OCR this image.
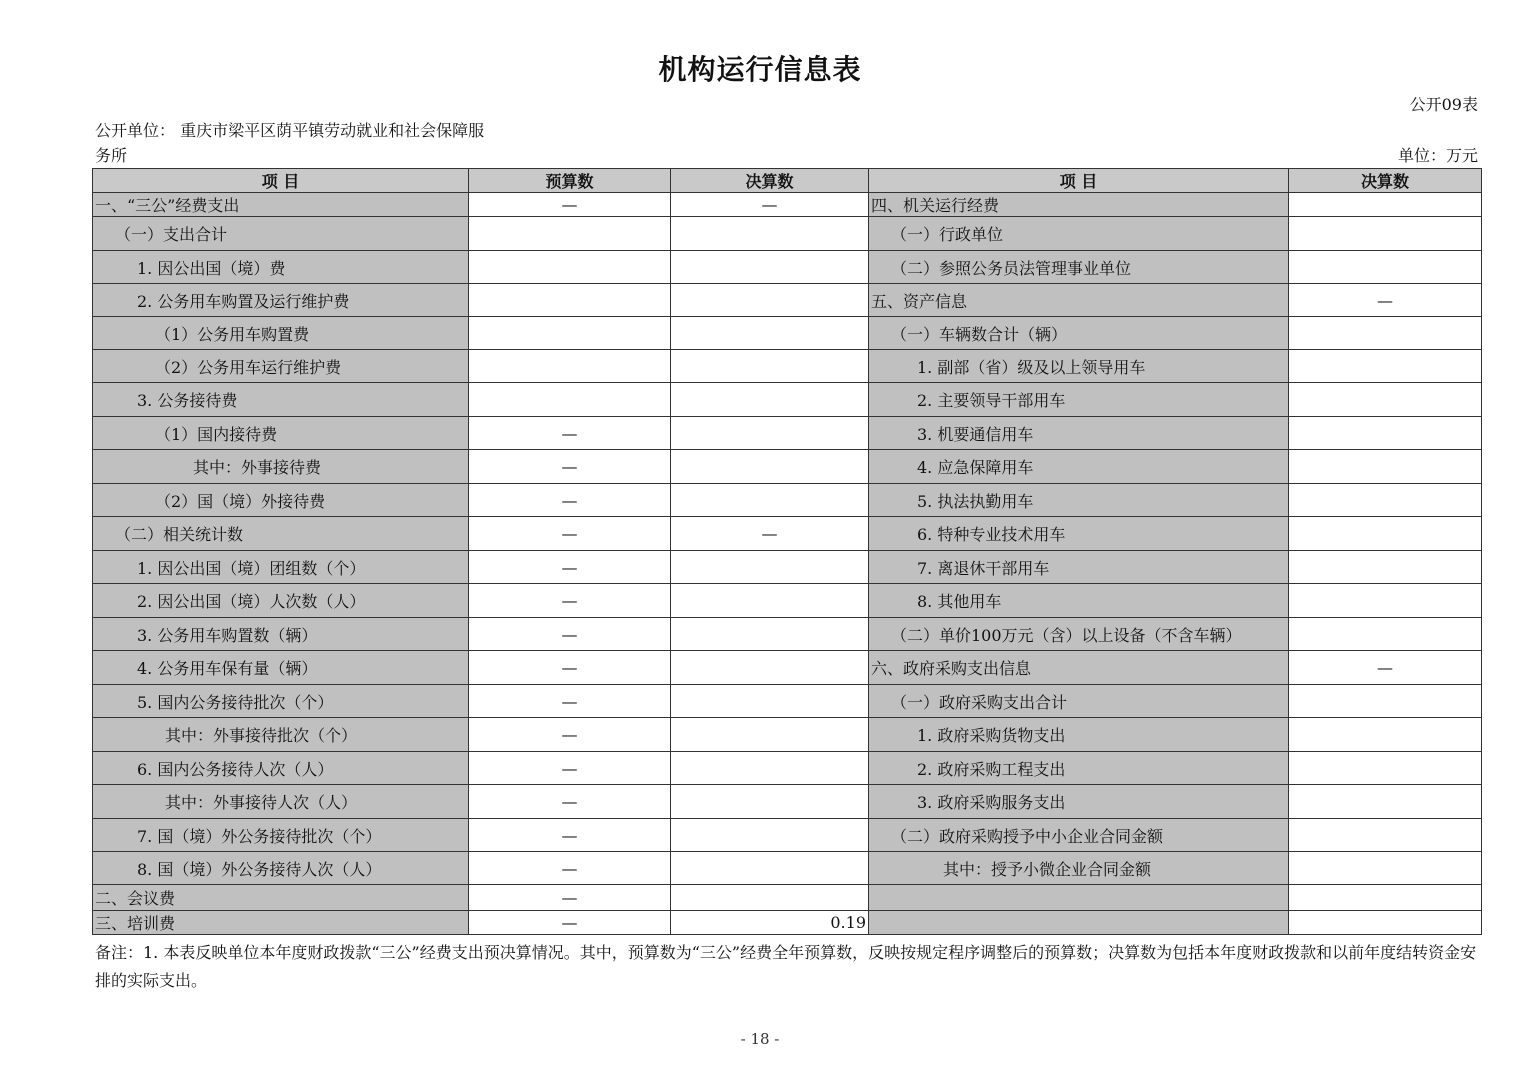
机构运行信息表
公开09表
公开单位： 重庆市梁平区荫平镇劳动就业和社会保障服务所	单位：万元
项 目	预算数	决算数	项 目	决算数
一、“三公”经费支出	—	—	四、机关运行经费	
（一）支出合计			（一）行政单位	
1. 因公出国（境）费			（二）参照公务员法管理事业单位	
2. 公务用车购置及运行维护费			五、资产信息	—
（1）公务用车购置费			（一）车辆数合计（辆）	
（2）公务用车运行维护费			1. 副部（省）级及以上领导用车	
3. 公务接待费			2. 主要领导干部用车	
（1）国内接待费	—		3. 机要通信用车	
其中：外事接待费	—		4. 应急保障用车	
（2）国（境）外接待费	—		5. 执法执勤用车	
（二）相关统计数	—	—	6. 特种专业技术用车	
1. 因公出国（境）团组数（个）	—		7. 离退休干部用车	
2. 因公出国（境）人次数（人）	—		8. 其他用车	
3. 公务用车购置数（辆）	—		（二）单价100万元（含）以上设备（不含车辆）	
4. 公务用车保有量（辆）	—		六、政府采购支出信息	—
5. 国内公务接待批次（个）	—		（一）政府采购支出合计	
其中：外事接待批次（个）	—		1. 政府采购货物支出	
6. 国内公务接待人次（人）	—		2. 政府采购工程支出	
其中：外事接待人次（人）	—		3. 政府采购服务支出	
7. 国（境）外公务接待批次（个）	—		（二）政府采购授予中小企业合同金额	
8. 国（境）外公务接待人次（人）	—		其中：授予小微企业合同金额	
二、会议费	—			
三、培训费	—	0.19		
备注：1. 本表反映单位本年度财政拨款“三公”经费支出预决算情况。其中，预算数为“三公”经费全年预算数，反映按规定程序调整后的预算数；决算数为包括本年度财政拨款和以前年度结转资金安排的实际支出。
- 18 -
